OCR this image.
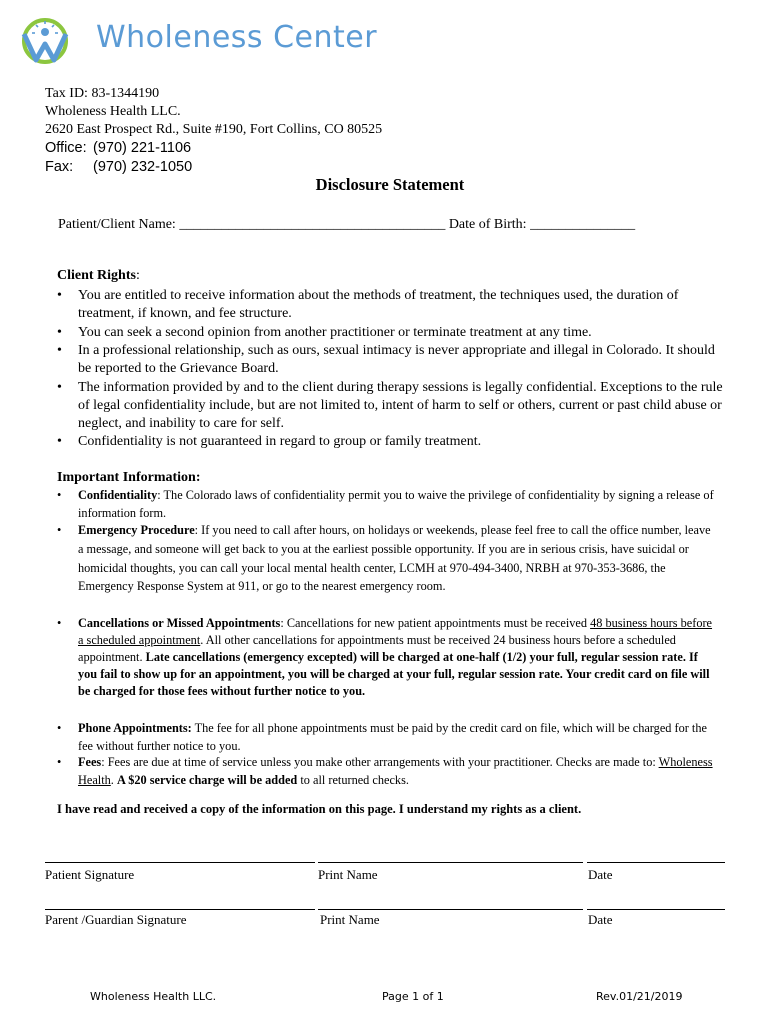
Wholeness Center
Tax ID: 83-1344190
Wholeness Health LLC.
2620 East Prospect Rd., Suite #190, Fort Collins, CO 80525
Office: (970) 221-1106
Fax: (970) 232-1050
Disclosure Statement
Patient/Client Name: ______________________________________ Date of Birth: _______________
Client Rights:
• You are entitled to receive information about the methods of treatment, the techniques used, the duration of treatment, if known, and fee structure.
• You can seek a second opinion from another practitioner or terminate treatment at any time.
• In a professional relationship, such as ours, sexual intimacy is never appropriate and illegal in Colorado. It should be reported to the Grievance Board.
• The information provided by and to the client during therapy sessions is legally confidential. Exceptions to the rule of legal confidentiality include, but are not limited to, intent of harm to self or others, current or past child abuse or neglect, and inability to care for self.
• Confidentiality is not guaranteed in regard to group or family treatment.
Important Information:
• Confidentiality: The Colorado laws of confidentiality permit you to waive the privilege of confidentiality by signing a release of information form.
• Emergency Procedure: If you need to call after hours, on holidays or weekends, please feel free to call the office number, leave a message, and someone will get back to you at the earliest possible opportunity. If you are in serious crisis, have suicidal or homicidal thoughts, you can call your local mental health center, LCMH at 970-494-3400, NRBH at 970-353-3686, the Emergency Response System at 911, or go to the nearest emergency room.
• Cancellations or Missed Appointments: Cancellations for new patient appointments must be received 48 business hours before a scheduled appointment. All other cancellations for appointments must be received 24 business hours before a scheduled appointment. Late cancellations (emergency excepted) will be charged at one-half (1/2) your full, regular session rate. If you fail to show up for an appointment, you will be charged at your full, regular session rate. Your credit card on file will be charged for those fees without further notice to you.
• Phone Appointments: The fee for all phone appointments must be paid by the credit card on file, which will be charged for the fee without further notice to you.
• Fees: Fees are due at time of service unless you make other arrangements with your practitioner. Checks are made to: Wholeness Health. A $20 service charge will be added to all returned checks.
I have read and received a copy of the information on this page. I understand my rights as a client.
Patient Signature	Print Name	Date
Parent /Guardian Signature	Print Name	Date
Wholeness Health LLC.	Page 1 of 1	Rev.01/21/2019
